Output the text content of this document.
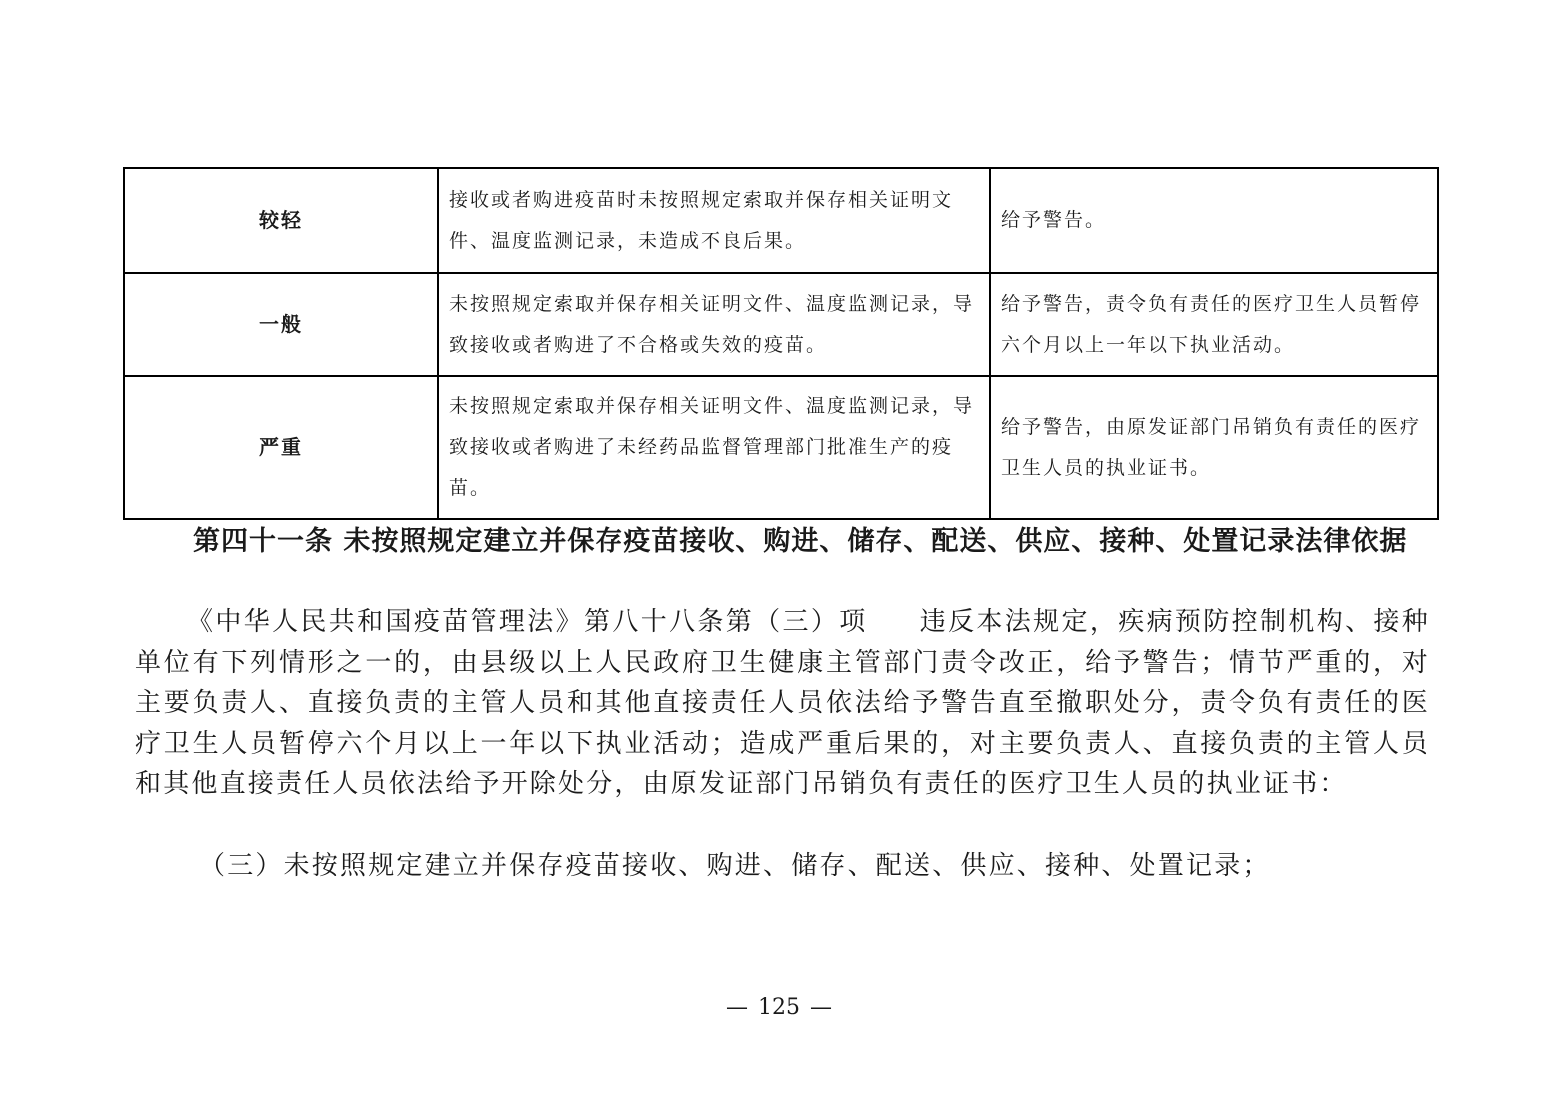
较轻	接收或者购进疫苗时未按照规定索取并保存相关证明文件、温度监测记录，未造成不良后果。	给予警告。
一般	未按照规定索取并保存相关证明文件、温度监测记录，导致接收或者购进了不合格或失效的疫苗。	给予警告，责令负有责任的医疗卫生人员暂停六个月以上一年以下执业活动。
严重	未按照规定索取并保存相关证明文件、温度监测记录，导致接收或者购进了未经药品监督管理部门批准生产的疫苗。	给予警告，由原发证部门吊销负有责任的医疗卫生人员的执业证书。

第四十一条 未按照规定建立并保存疫苗接收、购进、储存、配送、供应、接种、处置记录法律依据

《中华人民共和国疫苗管理法》第八十八条第（三）项 违反本法规定，疾病预防控制机构、接种单位有下列情形之一的，由县级以上人民政府卫生健康主管部门责令改正，给予警告；情节严重的，对主要负责人、直接负责的主管人员和其他直接责任人员依法给予警告直至撤职处分，责令负有责任的医疗卫生人员暂停六个月以上一年以下执业活动；造成严重后果的，对主要负责人、直接负责的主管人员和其他直接责任人员依法给予开除处分，由原发证部门吊销负有责任的医疗卫生人员的执业证书：

（三）未按照规定建立并保存疫苗接收、购进、储存、配送、供应、接种、处置记录；

— 125 —
